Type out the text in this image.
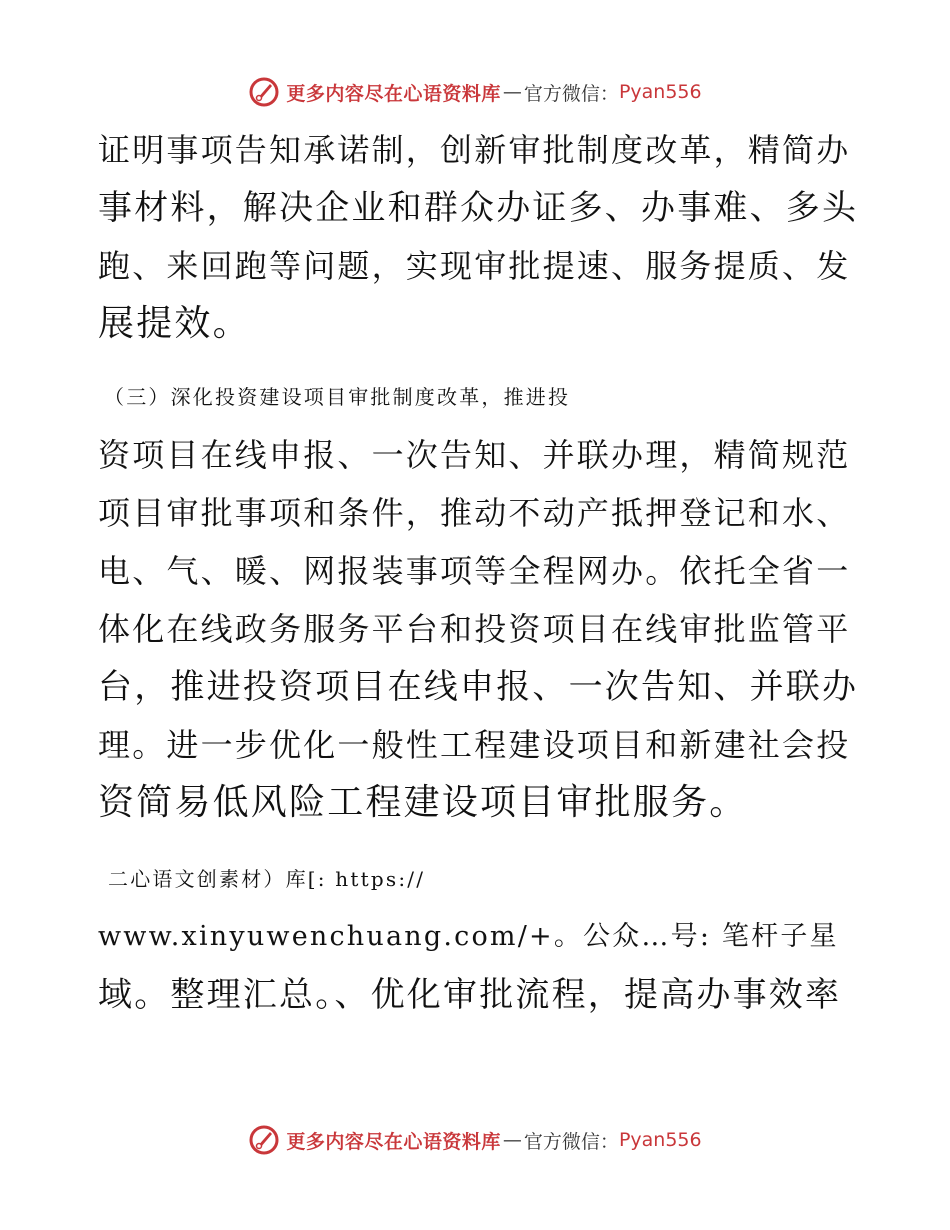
更多内容尽在心语资料库 — 官方微信： Pyan556
证明事项告知承诺制，创新审批制度改革，精简办
事材料，解决企业和群众办证多、办事难、多头
跑、来回跑等问题，实现审批提速、服务提质、发
展提效。
（三）深化投资建设项目审批制度改革，推进投
资项目在线申报、一次告知、并联办理，精简规范
项目审批事项和条件，推动不动产抵押登记和水、
电、气、暖、网报装事项等全程网办。依托全省一
体化在线政务服务平台和投资项目在线审批监管平
台，推进投资项目在线申报、一次告知、并联办
理。进一步优化一般性工程建设项目和新建社会投
资简易低风险工程建设项目审批服务。
二心语文创素材）库[: https://
www.xinyuwenchuang.com/+。公众…号: 笔杆子星
域。整理汇总。、优化审批流程，提高办事效率
更多内容尽在心语资料库 — 官方微信： Pyan556
